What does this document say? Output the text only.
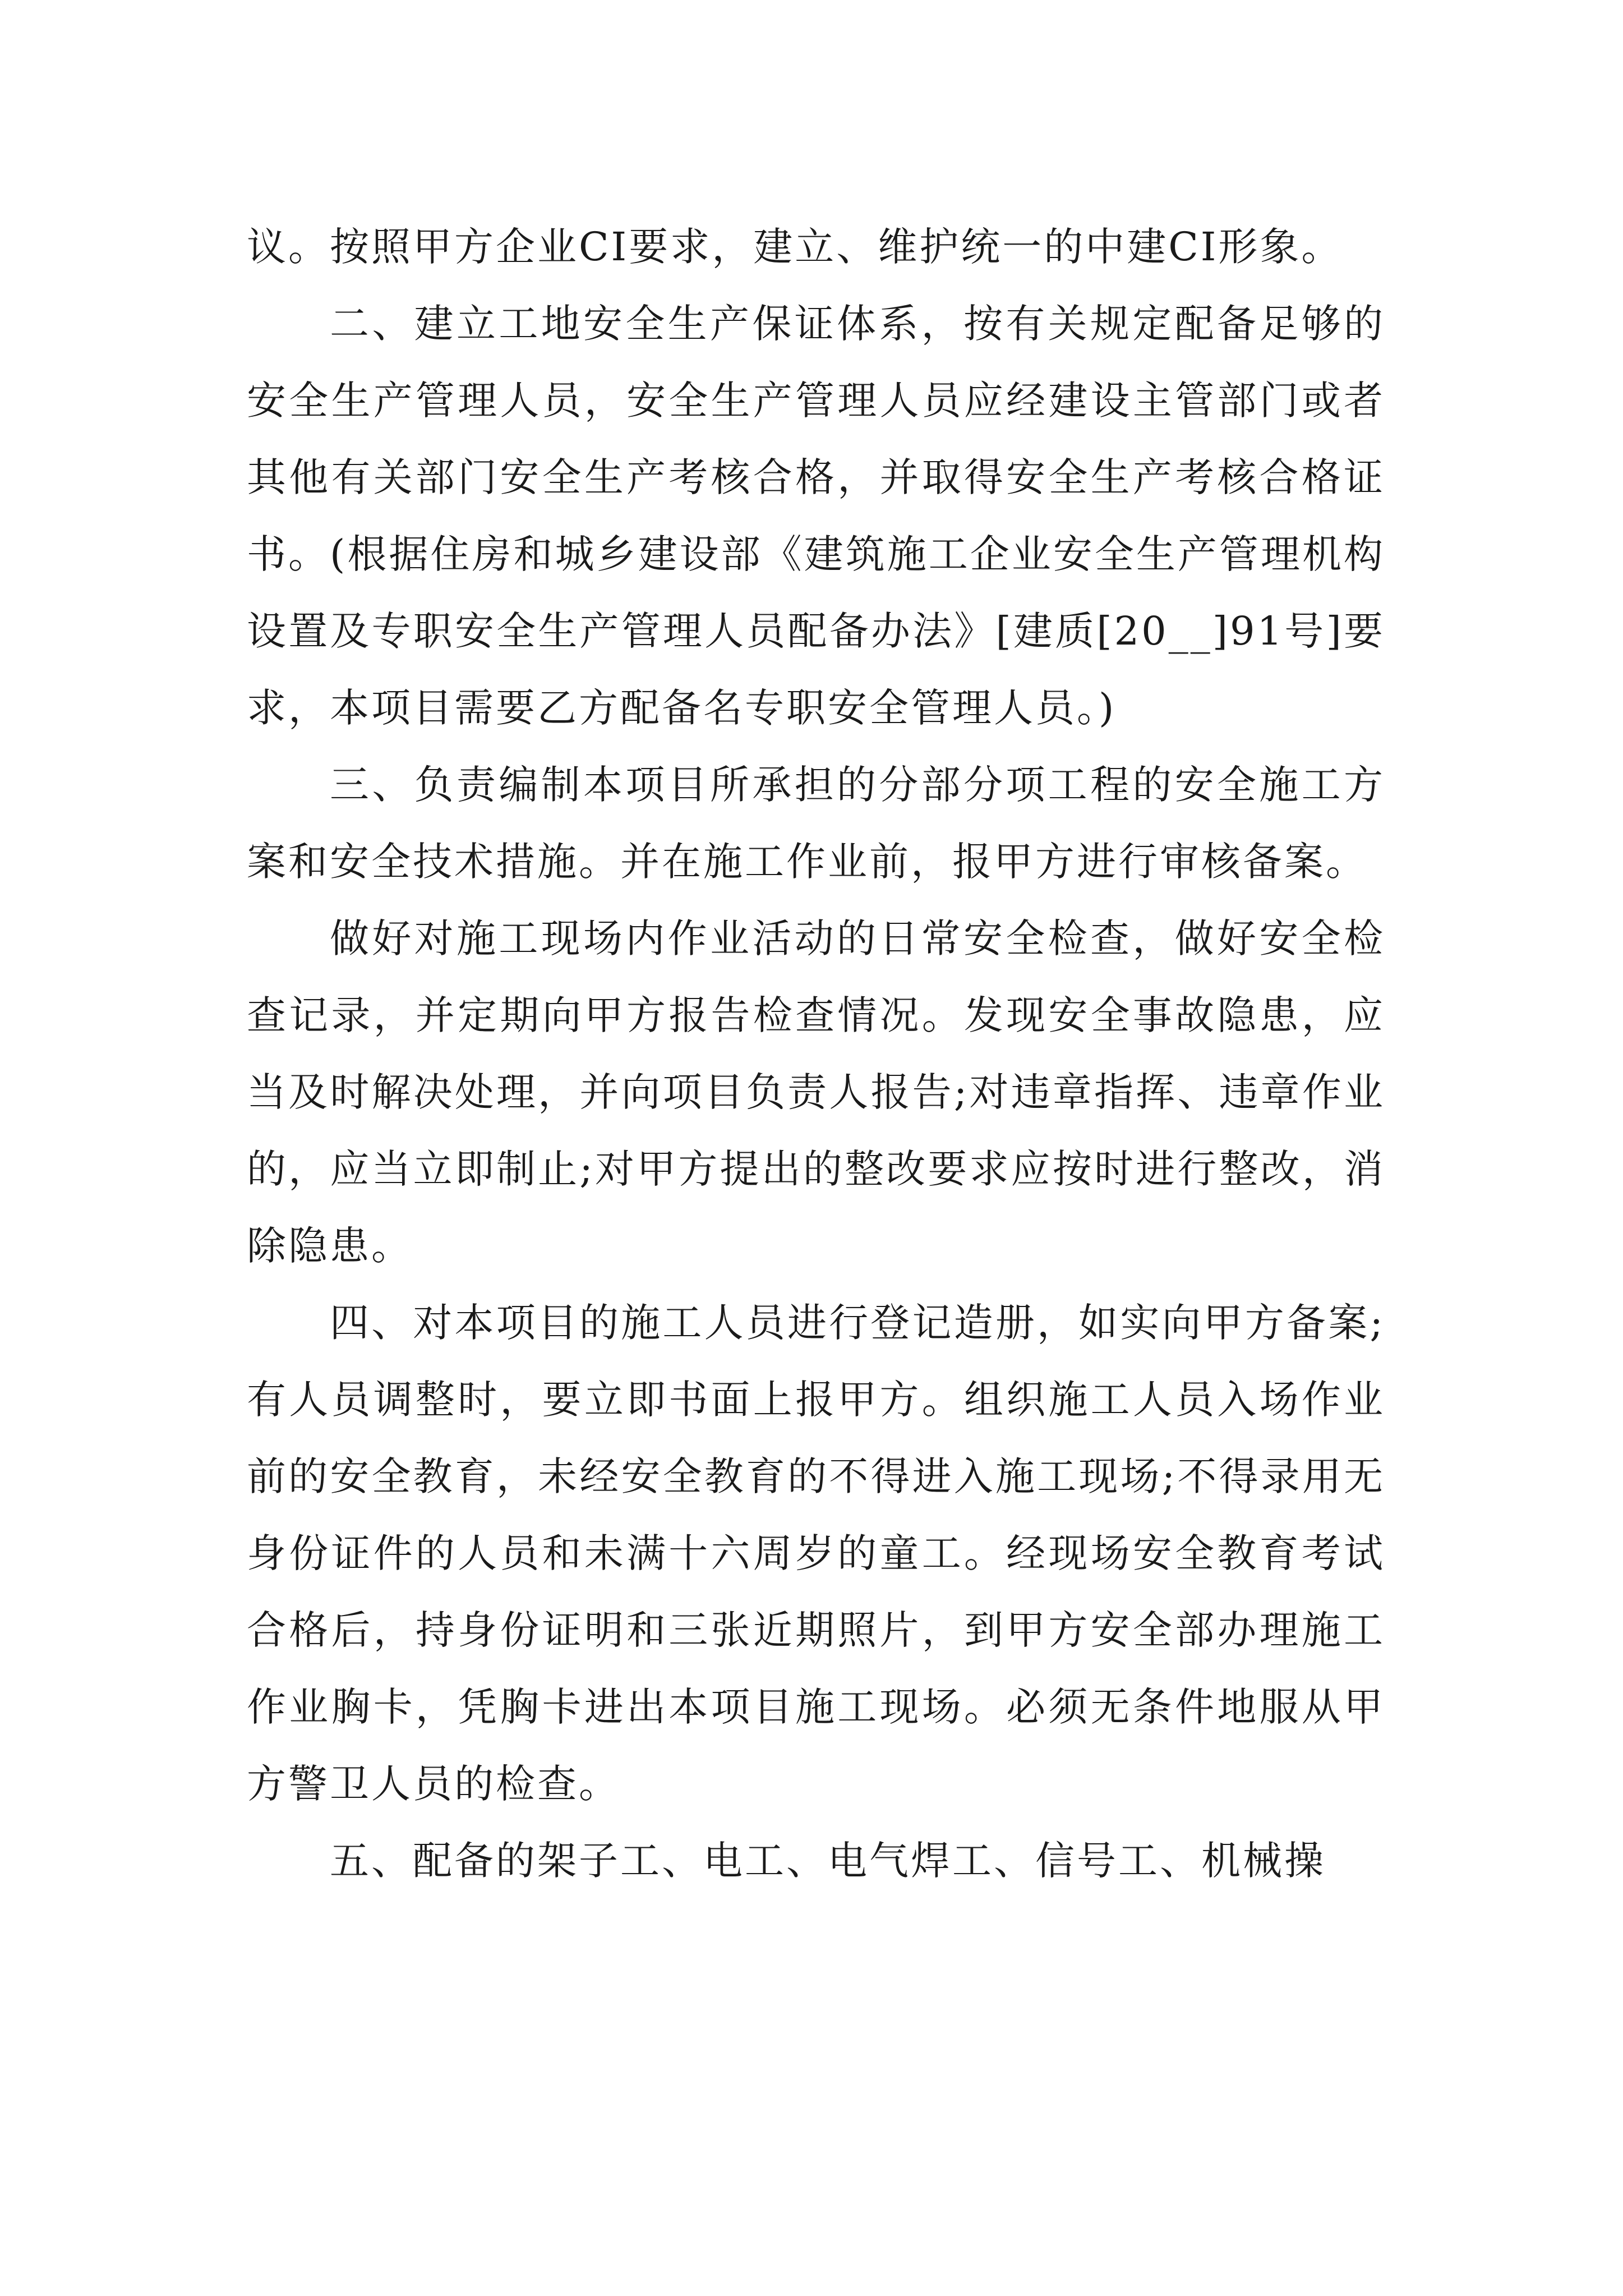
议。按照甲方企业CI要求，建立、维护统一的中建CI形象。

二、建立工地安全生产保证体系，按有关规定配备足够的安全生产管理人员，安全生产管理人员应经建设主管部门或者其他有关部门安全生产考核合格，并取得安全生产考核合格证书。(根据住房和城乡建设部《建筑施工企业安全生产管理机构设置及专职安全生产管理人员配备办法》[建质[20__]91号]要求，本项目需要乙方配备名专职安全管理人员。)

三、负责编制本项目所承担的分部分项工程的安全施工方案和安全技术措施。并在施工作业前，报甲方进行审核备案。

做好对施工现场内作业活动的日常安全检查，做好安全检查记录，并定期向甲方报告检查情况。发现安全事故隐患，应当及时解决处理，并向项目负责人报告;对违章指挥、违章作业的，应当立即制止;对甲方提出的整改要求应按时进行整改，消除隐患。

四、对本项目的施工人员进行登记造册，如实向甲方备案;有人员调整时，要立即书面上报甲方。组织施工人员入场作业前的安全教育，未经安全教育的不得进入施工现场;不得录用无身份证件的人员和未满十六周岁的童工。经现场安全教育考试合格后，持身份证明和三张近期照片，到甲方安全部办理施工作业胸卡，凭胸卡进出本项目施工现场。必须无条件地服从甲方警卫人员的检查。

五、配备的架子工、电工、电气焊工、信号工、机械操
